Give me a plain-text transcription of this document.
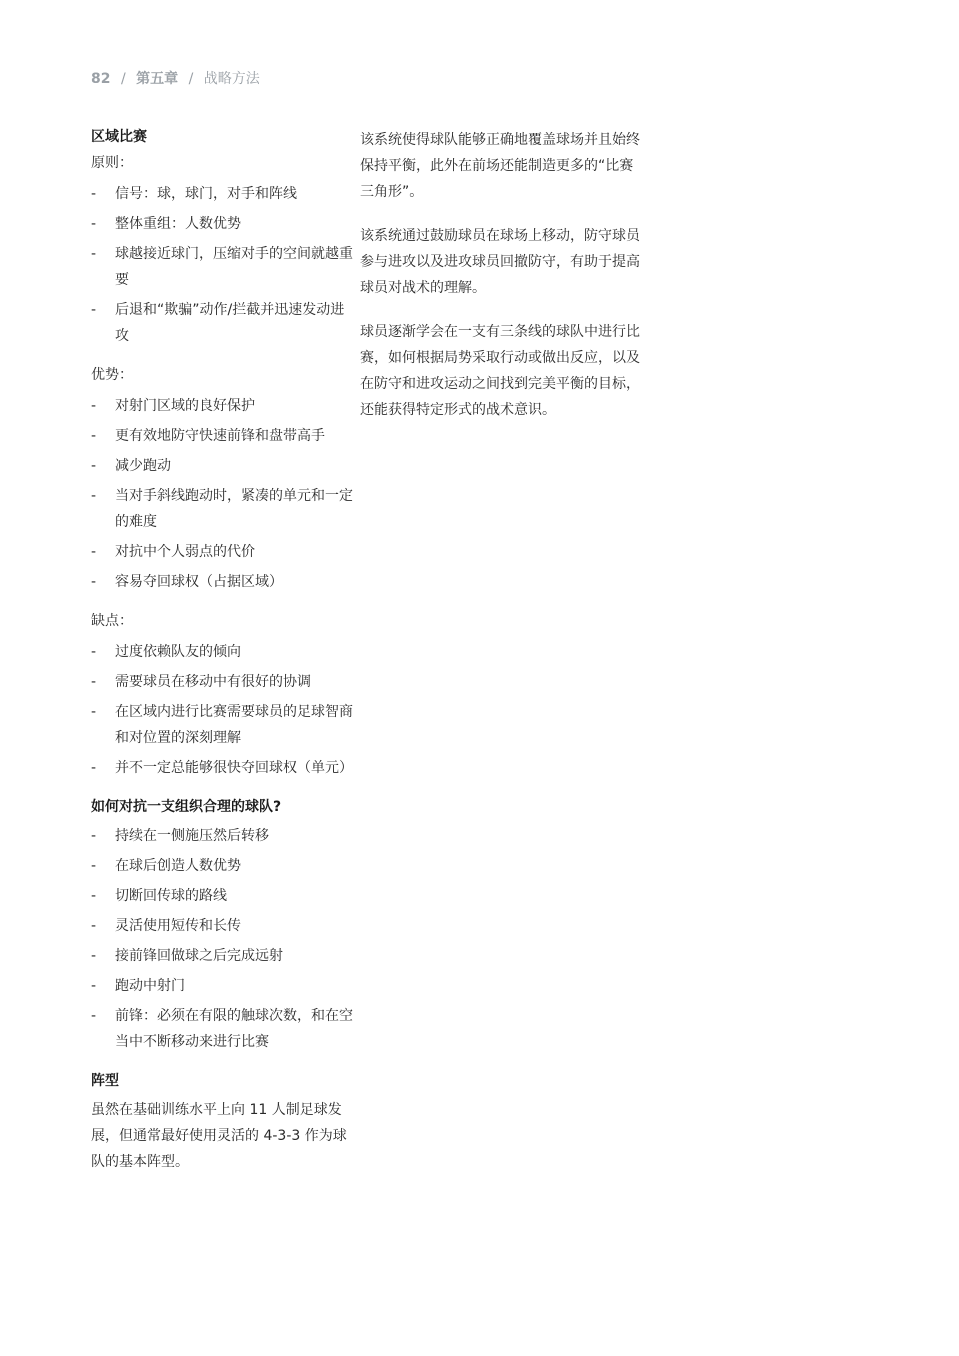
82 / 第五章 / 战略方法
区域比赛
原则：
- 信号：球，球门，对手和阵线
- 整体重组：人数优势
- 球越接近球门，压缩对手的空间就越重要
- 后退和“欺骗”动作/拦截并迅速发动进攻
优势：
- 对射门区域的良好保护
- 更有效地防守快速前锋和盘带高手
- 减少跑动
- 当对手斜线跑动时，紧凑的单元和一定的难度
- 对抗中个人弱点的代价
- 容易夺回球权（占据区域）
缺点：
- 过度依赖队友的倾向
- 需要球员在移动中有很好的协调
- 在区域内进行比赛需要球员的足球智商和对位置的深刻理解
- 并不一定总能够很快夺回球权（单元）
如何对抗一支组织合理的球队?
- 持续在一侧施压然后转移
- 在球后创造人数优势
- 切断回传球的路线
- 灵活使用短传和长传
- 接前锋回做球之后完成远射
- 跑动中射门
- 前锋：必须在有限的触球次数，和在空当中不断移动来进行比赛
阵型
虽然在基础训练水平上向 11 人制足球发展，但通常最好使用灵活的 4-3-3 作为球队的基本阵型。
该系统使得球队能够正确地覆盖球场并且始终保持平衡，此外在前场还能制造更多的“比赛三角形”。
该系统通过鼓励球员在球场上移动，防守球员参与进攻以及进攻球员回撤防守，有助于提高球员对战术的理解。
球员逐渐学会在一支有三条线的球队中进行比赛，如何根据局势采取行动或做出反应，以及在防守和进攻运动之间找到完美平衡的目标，还能获得特定形式的战术意识。
